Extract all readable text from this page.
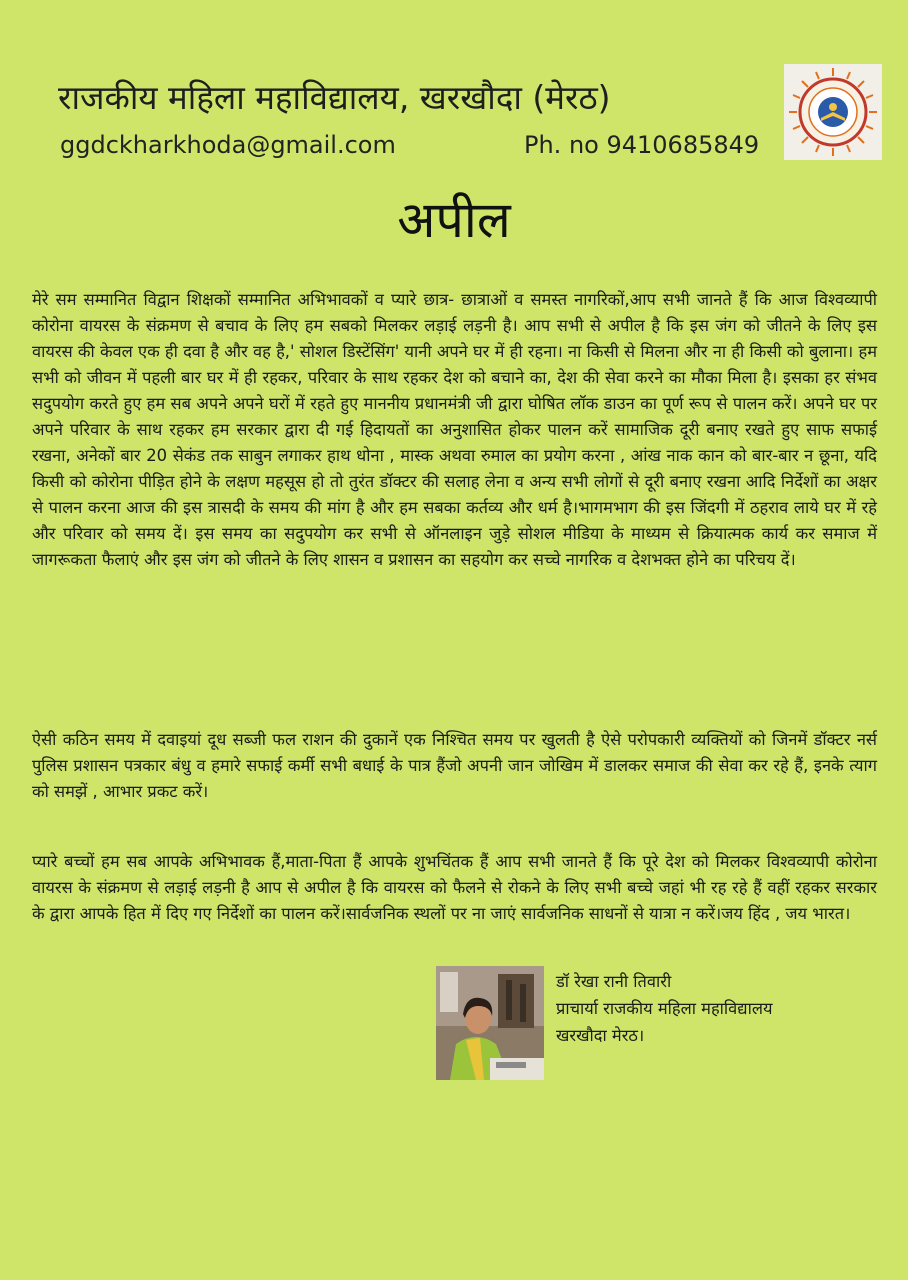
राजकीय महिला महाविद्यालय, खरखौदा (मेरठ)
ggdckharkhoda@gmail.com	Ph. no 9410685849
अपील

मेरे सम सम्मानित विद्वान शिक्षकों सम्मानित अभिभावकों व प्यारे छात्र- छात्राओं व समस्त नागरिकों,आप सभी जानते हैं कि आज विश्वव्यापी कोरोना वायरस के संक्रमण से बचाव के लिए हम सबको मिलकर लड़ाई लड़नी है। आप सभी से अपील है कि इस जंग को जीतने के लिए इस वायरस की केवल एक ही दवा है और वह है,' सोशल डिस्टेंसिंग' यानी अपने घर में ही रहना। ना किसी से मिलना और ना ही किसी को बुलाना। हम सभी को जीवन में पहली बार घर में ही रहकर, परिवार के साथ रहकर देश को बचाने का, देश की सेवा करने का मौका मिला है। इसका हर संभव सदुपयोग करते हुए हम सब अपने अपने घरों में रहते हुए माननीय प्रधानमंत्री जी द्वारा घोषित लॉक डाउन का पूर्ण रूप से पालन करें। अपने घर पर अपने परिवार के साथ रहकर हम सरकार द्वारा दी गई हिदायतों का अनुशासित होकर पालन करें सामाजिक दूरी बनाए रखते हुए साफ सफाई रखना, अनेकों बार 20 सेकंड तक साबुन लगाकर हाथ धोना , मास्क अथवा रुमाल का प्रयोग करना , आंख नाक कान को बार-बार न छूना, यदि किसी को कोरोना पीड़ित होने के लक्षण महसूस हो तो तुरंत डॉक्टर की सलाह लेना व अन्य सभी लोगों से दूरी बनाए रखना आदि निर्देशों का अक्षर से पालन करना आज की इस त्रासदी के समय की मांग है और हम सबका कर्तव्य और धर्म है।भागमभाग की इस जिंदगी में ठहराव लाये घर में रहे और परिवार को समय दें। इस समय का सदुपयोग कर सभी से ऑनलाइन जुड़े सोशल मीडिया के माध्यम से क्रियात्मक कार्य कर समाज में जागरूकता फैलाएं और इस जंग को जीतने के लिए शासन व प्रशासन का सहयोग कर सच्चे नागरिक व देशभक्त होने का परिचय दें।

ऐसी कठिन समय में दवाइयां दूध सब्जी फल राशन की दुकानें एक निश्चित समय पर खुलती है ऐसे परोपकारी व्यक्तियों को जिनमें डॉक्टर नर्स पुलिस प्रशासन पत्रकार बंधु व हमारे सफाई कर्मी सभी बधाई के पात्र हैंजो अपनी जान जोखिम में डालकर समाज की सेवा कर रहे हैं, इनके त्याग को समझें , आभार प्रकट करें।

प्यारे बच्चों हम सब आपके अभिभावक हैं,माता-पिता हैं आपके शुभचिंतक हैं आप सभी जानते हैं कि पूरे देश को मिलकर विश्वव्यापी कोरोना वायरस के संक्रमण से लड़ाई लड़नी है आप से अपील है कि वायरस को फैलने से रोकने के लिए सभी बच्चे जहां भी रह रहे हैं वहीं रहकर सरकार के द्वारा आपके हित में दिए गए निर्देशों का पालन करें।सार्वजनिक स्थलों पर ना जाएं सार्वजनिक साधनों से यात्रा न करें।जय हिंद , जय भारत।

डॉ रेखा रानी तिवारी
प्राचार्या राजकीय महिला महाविद्यालय
खरखौदा मेरठ।
